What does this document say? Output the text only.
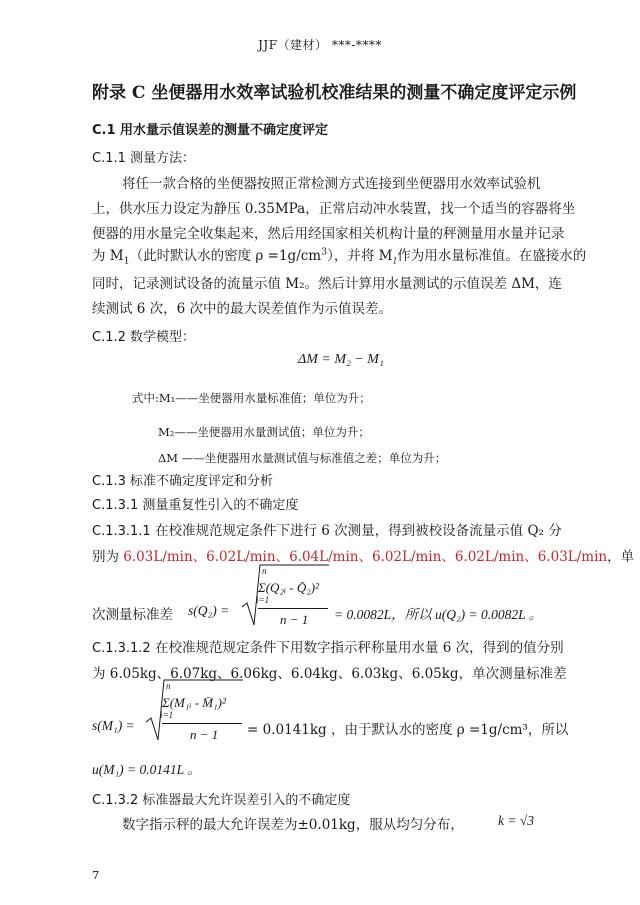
JJF（建材） ***-****
附录 C 坐便器用水效率试验机校准结果的测量不确定度评定示例
C.1 用水量示值误差的测量不确定度评定
C.1.1 测量方法：
将任一款合格的坐便器按照正常检测方式连接到坐便器用水效率试验机
上，供水压力设定为静压 0.35MPa，正常启动冲水装置，找一个适当的容器将坐
便器的用水量完全收集起来，然后用经国家相关机构计量的秤测量用水量并记录
为 $M_1$（此时默认水的密度 $\rho =1g/cm^3$），并将 $M_1$作为用水量标准值。在盛接水的
同时，记录测试设备的流量示值 M₂。然后计算用水量测试的示值误差 ΔM，连
续测试 6 次，6 次中的最大误差值作为示值误差。
C.1.2 数学模型：
ΔM = M₂ − M₁
式中:M₁——坐便器用水量标准值；单位为升；
M₂——坐便器用水量测试值；单位为升；
ΔM ——坐便器用水量测试值与标准值之差；单位为升；
C.1.3 标准不确定度评定和分析
C.1.3.1 测量重复性引入的不确定度
C.1.3.1.1 在校准规范规定条件下进行 6 次测量，得到被校设备流量示值 Q₂ 分
别为 6.03L/min、6.02L/min、6.04L/min、6.02L/min、6.02L/min、6.03L/min，单
次测量标准差 s(Q₂) =
n
Σ(Q₂ᵢ - Q̄₂)²
i=1
n − 1 = 0.0082L，所以 u(Q₂) = 0.0082L 。
C.1.3.1.2 在校准规范规定条件下用数字指示秤称量用水量 6 次，得到的值分别
为 6.05kg、6.07kg、6.06kg、6.04kg、6.03kg、6.05kg，单次测量标准差
s(M₁) =
n
Σ(M₁ᵢ - M̄₁)²
i=1
n − 1 = 0.0141kg ，由于默认水的密度 ρ =1g/cm³，所以
u(M₁) = 0.0141L 。
C.1.3.2 标准器最大允许误差引入的不确定度
数字指示秤的最大允许误差为±0.01kg，服从均匀分布，	k = √3
7
